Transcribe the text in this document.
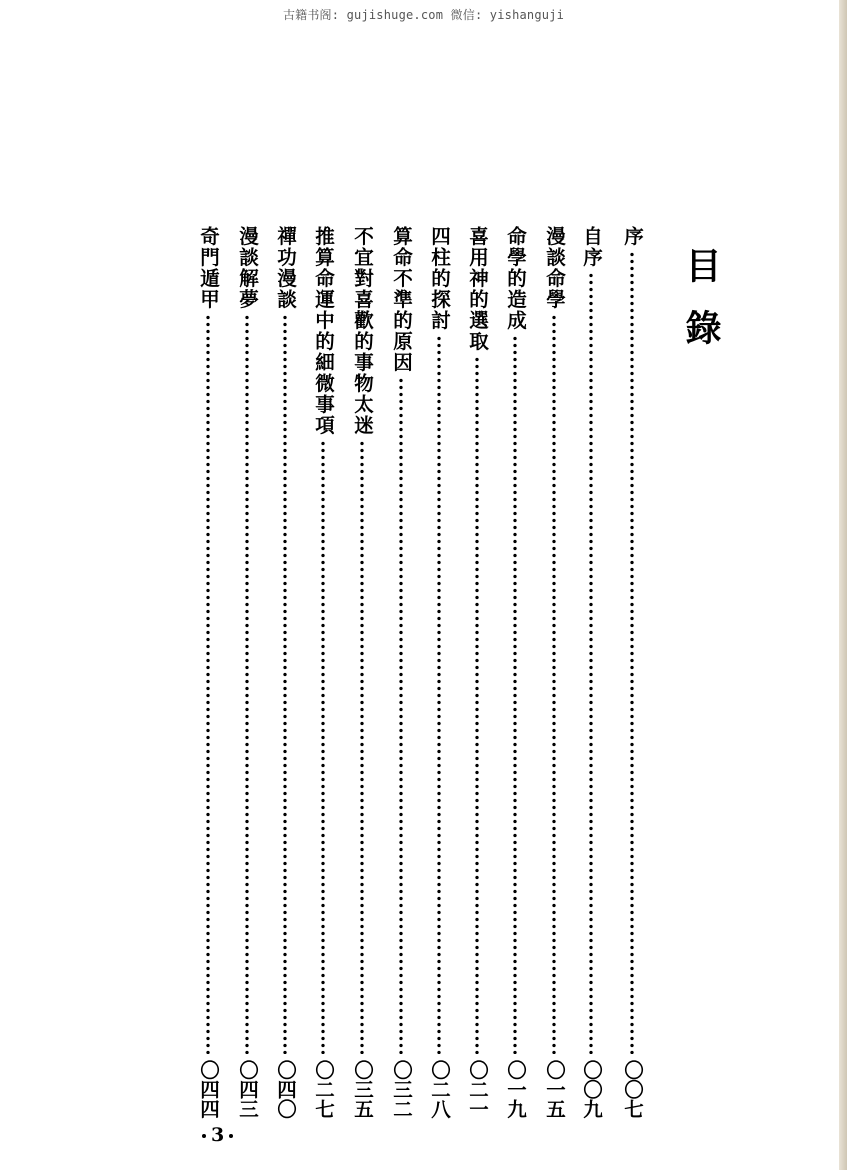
古籍书阁: gujishuge.com 微信: yishanguji
目錄
序
〇〇七
自序
〇〇九
漫談命學
〇一五
命學的造成
〇一九
喜用神的選取
〇二一
四柱的探討
〇二八
算命不準的原因
〇三二
不宜對喜歡的事物太迷
〇三五
推算命運中的細微事項
〇二七
禪功漫談
〇四〇
漫談解夢
〇四三
奇門遁甲
〇四四
3
